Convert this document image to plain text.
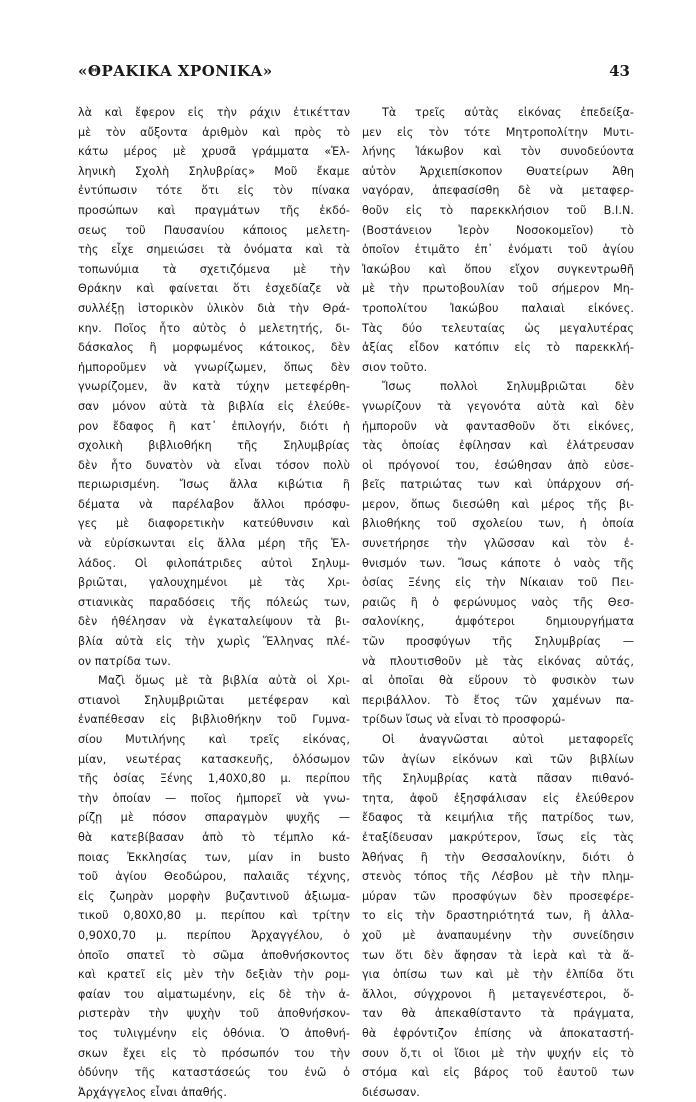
«ΘΡΑΚΙΚΑ ΧΡΟΝΙΚΑ»	43
λὰ καὶ ἔφερον εἰς τὴν ράχιν ἐτικέτταν
μὲ τὸν αὔξοντα ἀριθμὸν καὶ πρὸς τὸ
κάτω μέρος μὲ χρυσᾶ γράμματα «Ἑλ-
ληνικὴ Σχολὴ Σηλυβρίας» Μοῦ ἔκαμε
ἐντύπωσιν τότε ὅτι εἰς τὸν πίνακα
προσώπων καὶ πραγμάτων τῆς ἐκδό-
σεως τοῦ Παυσανίου κάποιος μελετη-
τὴς εἶχε σημειώσει τὰ ὀνόματα καὶ τὰ
τοπωνύμια τὰ σχετιζόμενα μὲ τὴν
Θράκην καὶ φαίνεται ὅτι ἐσχεδίαζε νὰ
συλλέξῃ ἱστορικὸν ὑλικὸν διὰ τὴν Θρά-
κην. Ποῖος ἦτο αὐτὸς ὁ μελετητής, δι-
δάσκαλος ἢ μορφωμένος κάτοικος, δὲν
ἠμποροῦμεν νὰ γνωρίζωμεν, ὅπως δὲν
γνωρίζομεν, ἂν κατὰ τύχην μετεφέρθη-
σαν μόνον αὐτὰ τὰ βιβλία εἰς ἐλεύθε-
ρον ἔδαφος ἢ κατ᾽ ἐπιλογήν, διότι ἡ
σχολικὴ βιβλιοθήκη τῆς Σηλυμβρίας
δὲν ἦτο δυνατὸν νὰ εἶναι τόσον πολὺ
περιωρισμένη. Ἴσως ἄλλα κιβώτια ἢ
δέματα νὰ παρέλαβον ἄλλοι πρόσφυ-
γες μὲ διαφορετικὴν κατεύθυνσιν καὶ
νὰ εὑρίσκωνται εἰς ἄλλα μέρη τῆς Ἑλ-
λάδος. Οἱ φιλοπάτριδες αὐτοὶ Σηλυμ-
βριῶται, γαλουχημένοι μὲ τὰς Χρι-
στιανικὰς παραδόσεις τῆς πόλεώς των,
δὲν ἠθέλησαν νὰ ἐγκαταλείψουν τὰ βι-
βλία αὐτὰ εἰς τὴν χωρὶς Ἕλληνας πλέ-
ον πατρίδα των.
Μαζὶ ὅμως μὲ τὰ βιβλία αὐτὰ οἱ Χρι-
στιανοὶ Σηλυμβριῶται μετέφεραν καὶ
ἐναπέθεσαν εἰς βιβλιοθήκην τοῦ Γυμνα-
σίου Μυτιλήνης καὶ τρεῖς εἰκόνας,
μίαν, νεωτέρας κατασκευῆς, ὁλόσωμον
τῆς ὁσίας Ξένης 1,40Χ0,80 μ. περίπου
τὴν ὁποίαν — ποῖος ἠμπορεῖ νὰ γνω-
ρίζῃ μὲ πόσον σπαραγμὸν ψυχῆς —
θὰ κατεβίβασαν ἀπὸ τὸ τέμπλο κά-
ποιας Ἐκκλησίας των, μίαν in busto
τοῦ ἁγίου Θεοδώρου, παλαιᾶς τέχνης,
εἰς ζωηρὰν μορφὴν βυζαντινοῦ ἀξιωμα-
τικοῦ 0,80Χ0,80 μ. περίπου καὶ τρίτην
0,90Χ0,70 μ. περίπου Ἀρχαγγέλου, ὁ
ὁποῖο σπατεῖ τὸ σῶμα ἀποθνήσκοντος
καὶ κρατεῖ εἰς μὲν τὴν δεξιὰν τὴν ρομ-
φαίαν του αἱματωμένην, εἰς δὲ τὴν ἀ-
ριστερὰν τὴν ψυχὴν τοῦ ἀποθνήσκον-
τος τυλιγμένην εἰς ὀθόνια. Ὁ ἀποθνή-
σκων ἔχει εἰς τὸ πρόσωπόν του τὴν
ὀδύνην τῆς καταστάσεώς του ἐνῶ ὁ
Ἀρχάγγελος εἶναι ἀπαθής.
Τὰ τρεῖς αὐτὰς εἰκόνας ἐπεδείξα-
μεν εἰς τὸν τότε Μητροπολίτην Μυτι-
λήνης Ἰάκωβον καὶ τὸν συνοδεύοντα
αὐτὸν Ἀρχιεπίσκοπον Θυατείρων Ἀθη
ναγόραν, ἀπεφασίσθη δὲ νὰ μεταφερ-
θοῦν εἰς τὸ παρεκκλήσιον τοῦ Β.Ι.Ν.
(Βοστάνειον Ἱερὸν Νοσοκομεῖον) τὸ
ὁποῖον ἐτιμᾶτο ἐπ᾽ ἐνόματι τοῦ ἁγίου
Ἰακώβου καὶ ὅπου εἴχον συγκεντρωθῆ
μὲ τὴν πρωτοβουλίαν τοῦ σήμερον Μη-
τροπολίτου Ἰακώβου παλαιαὶ εἰκόνες.
Τὰς δύο τελευταίας ὡς μεγαλυτέρας
ἀξίας εἶδον κατόπιν εἰς τὸ παρεκκλή-
σιον τοῦτο.
Ἴσως πολλοὶ Σηλυμβριῶται δὲν
γνωρίζουν τὰ γεγονότα αὐτὰ καὶ δὲν
ἠμποροῦν νὰ φαντασθοῦν ὅτι εἰκόνες,
τὰς ὁποίας ἐφίλησαν καὶ ἐλάτρευσαν
οἱ πρόγονοί του, ἐσώθησαν ἀπὸ εὐσε-
βεῖς πατριώτας των καὶ ὑπάρχουν σή-
μερον, ὅπως διεσώθη καὶ μέρος τῆς βι-
βλιοθήκης τοῦ σχολείου των, ἡ ὁποία
συνετήρησε τὴν γλῶσσαν καὶ τὸν ἐ-
θνισμόν των. Ἴσως κάποτε ὁ ναὸς τῆς
ὁσίας Ξένης εἰς τὴν Νίκαιαν τοῦ Πει-
ραιῶς ἢ ὁ φερώνυμος ναὸς τῆς Θεσ-
σαλονίκης, ἀμφότεροι δημιουργήματα
τῶν προσφύγων τῆς Σηλυμβρίας —
νὰ πλουτισθοῦν μὲ τὰς εἰκόνας αὐτάς,
αἱ ὁποῖαι θὰ εὕρουν τὸ φυσικὸν των
περιβάλλον. Τὸ ἔτος τῶν χαμένων πα-
τρίδων ἴσως νὰ εἶναι τὸ προσφορώ-
Οἱ ἀναγνῶσται αὐτοὶ μεταφορεῖς
τῶν ἁγίων εἰκόνων καὶ τῶν βιβλίων
τῆς Σηλυμβρίας κατὰ πᾶσαν πιθανό-
τητα, ἀφοῦ ἐξησφάλισαν εἰς ἐλεύθερον
ἔδαφος τὰ κειμήλια τῆς πατρίδος των,
ἐταξίδευσαν μακρύτερον, ἴσως εἰς τὰς
Ἀθήνας ἢ τὴν Θεσσαλονίκην, διότι ὁ
στενὸς τόπος τῆς Λέσβου μὲ τὴν πλημ-
μύραν τῶν προσφύγων δὲν προσεφέρε-
το εἰς τὴν δραστηριότητά των, ἢ ἀλλα-
χοῦ μὲ ἀναπαυμένην τὴν συνείδησιν
των ὅτι δὲν ἄφησαν τὰ ἱερὰ καὶ τὰ ἅ-
για ὀπίσω των καὶ μὲ τὴν ἐλπίδα ὅτι
ἄλλοι, σύγχρονοι ἢ μεταγενέστεροι, ὅ-
ταν θὰ ἀπεκαθίσταντο τὰ πράγματα,
θὰ ἐφρόντιζον ἐπίσης νὰ ἀποκαταστή-
σουν ὅ,τι οἱ ἴδιοι μὲ τὴν ψυχήν εἰς τὸ
στόμα καὶ εἰς βάρος τοῦ ἑαυτοῦ των
διέσωσαν.
